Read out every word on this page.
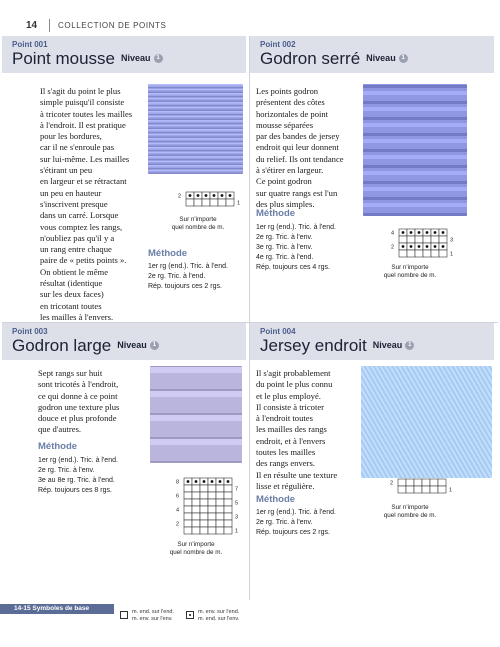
14	COLLECTION DE POINTS
Point 001
Point mousse Niveau 1
Il s'agit du point le plus
simple puisqu'il consiste
à tricoter toutes les mailles
à l'endroit. Il est pratique
pour les bordures,
car il ne s'enroule pas
sur lui-même. Les mailles
s'étirant un peu
en largeur et se rétractant
un peu en hauteur
s'inscrivent presque
dans un carré. Lorsque
vous comptez les rangs,
n'oubliez pas qu'il y a
un rang entre chaque
paire de « petits points ».
On obtient le même
résultat (identique
sur les deux faces)
en tricotant toutes
les mailles à l'envers.
2
1
Sur n'importe
quel nombre de m.
Méthode
1er rg (end.). Tric. à l'end.
2e rg. Tric. à l'end.
Rép. toujours ces 2 rgs.
Point 002
Godron serré Niveau 1
Les points godron
présentent des côtes
horizontales de point
mousse séparées
par des bandes de jersey
endroit qui leur donnent
du relief. Ils ont tendance
à s'étirer en largeur.
Ce point godron
sur quatre rangs est l'un
des plus simples.
4
3
2
1
Sur n'importe
quel nombre de m.
Méthode
1er rg (end.). Tric. à l'end.
2e rg. Tric. à l'env.
3e rg. Tric. à l'env.
4e rg. Tric. à l'end.
Rép. toujours ces 4 rgs.
Point 003
Godron large Niveau 1
Sept rangs sur huit
sont tricotés à l'endroit,
ce qui donne à ce point
godron une texture plus
douce et plus profonde
que d'autres.
8
7
6
5
4
3
2
1
Sur n'importe
quel nombre de m.
Méthode
1er rg (end.). Tric. à l'end.
2e rg. Tric. à l'env.
3e au 8e rg. Tric. à l'end.
Rép. toujours ces 8 rgs.
Point 004
Jersey endroit Niveau 1
Il s'agit probablement
du point le plus connu
et le plus employé.
Il consiste à tricoter
à l'endroit toutes
les mailles des rangs
endroit, et à l'envers
toutes les mailles
des rangs envers.
Il en résulte une texture
lisse et régulière.	2
1
Sur n'importe
quel nombre de m.
Méthode
1er rg (end.). Tric. à l'end.
2e rg. Tric. à l'env.
Rép. toujours ces 2 rgs.
14-15 Symboles de base	m. end. sur l'end.
m. env. sur l'env.
m. env. sur l'end.
m. end. sur l'env.
